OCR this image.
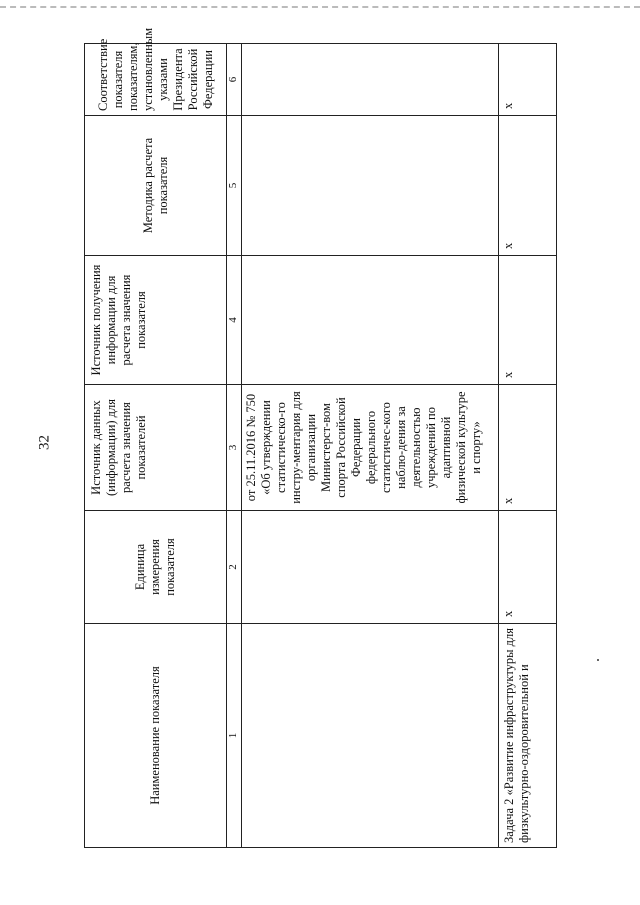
32
Наименование показателя	Единица измерения показателя	Источник данных (информации) для расчета значения показателей	Источник получения информации для расчета значения показателя	Методика расчета показателя	Соответствие показателя показателям, установленным указами Президента Российской Федерации
1	2	3	4	5	6
		от 25.11.2016 № 750 «Об утверждении статистическо-го инстру-ментария для организации Министерст-вом спорта Российской Федерации федерального статистичес-кого наблю-дения за деятельностью учреждений по адаптивной физической культуре и спорту»			
Задача 2 «Развитие инфраструктуры для физкультурно-оздоровительной и	x	x	x	x	x
